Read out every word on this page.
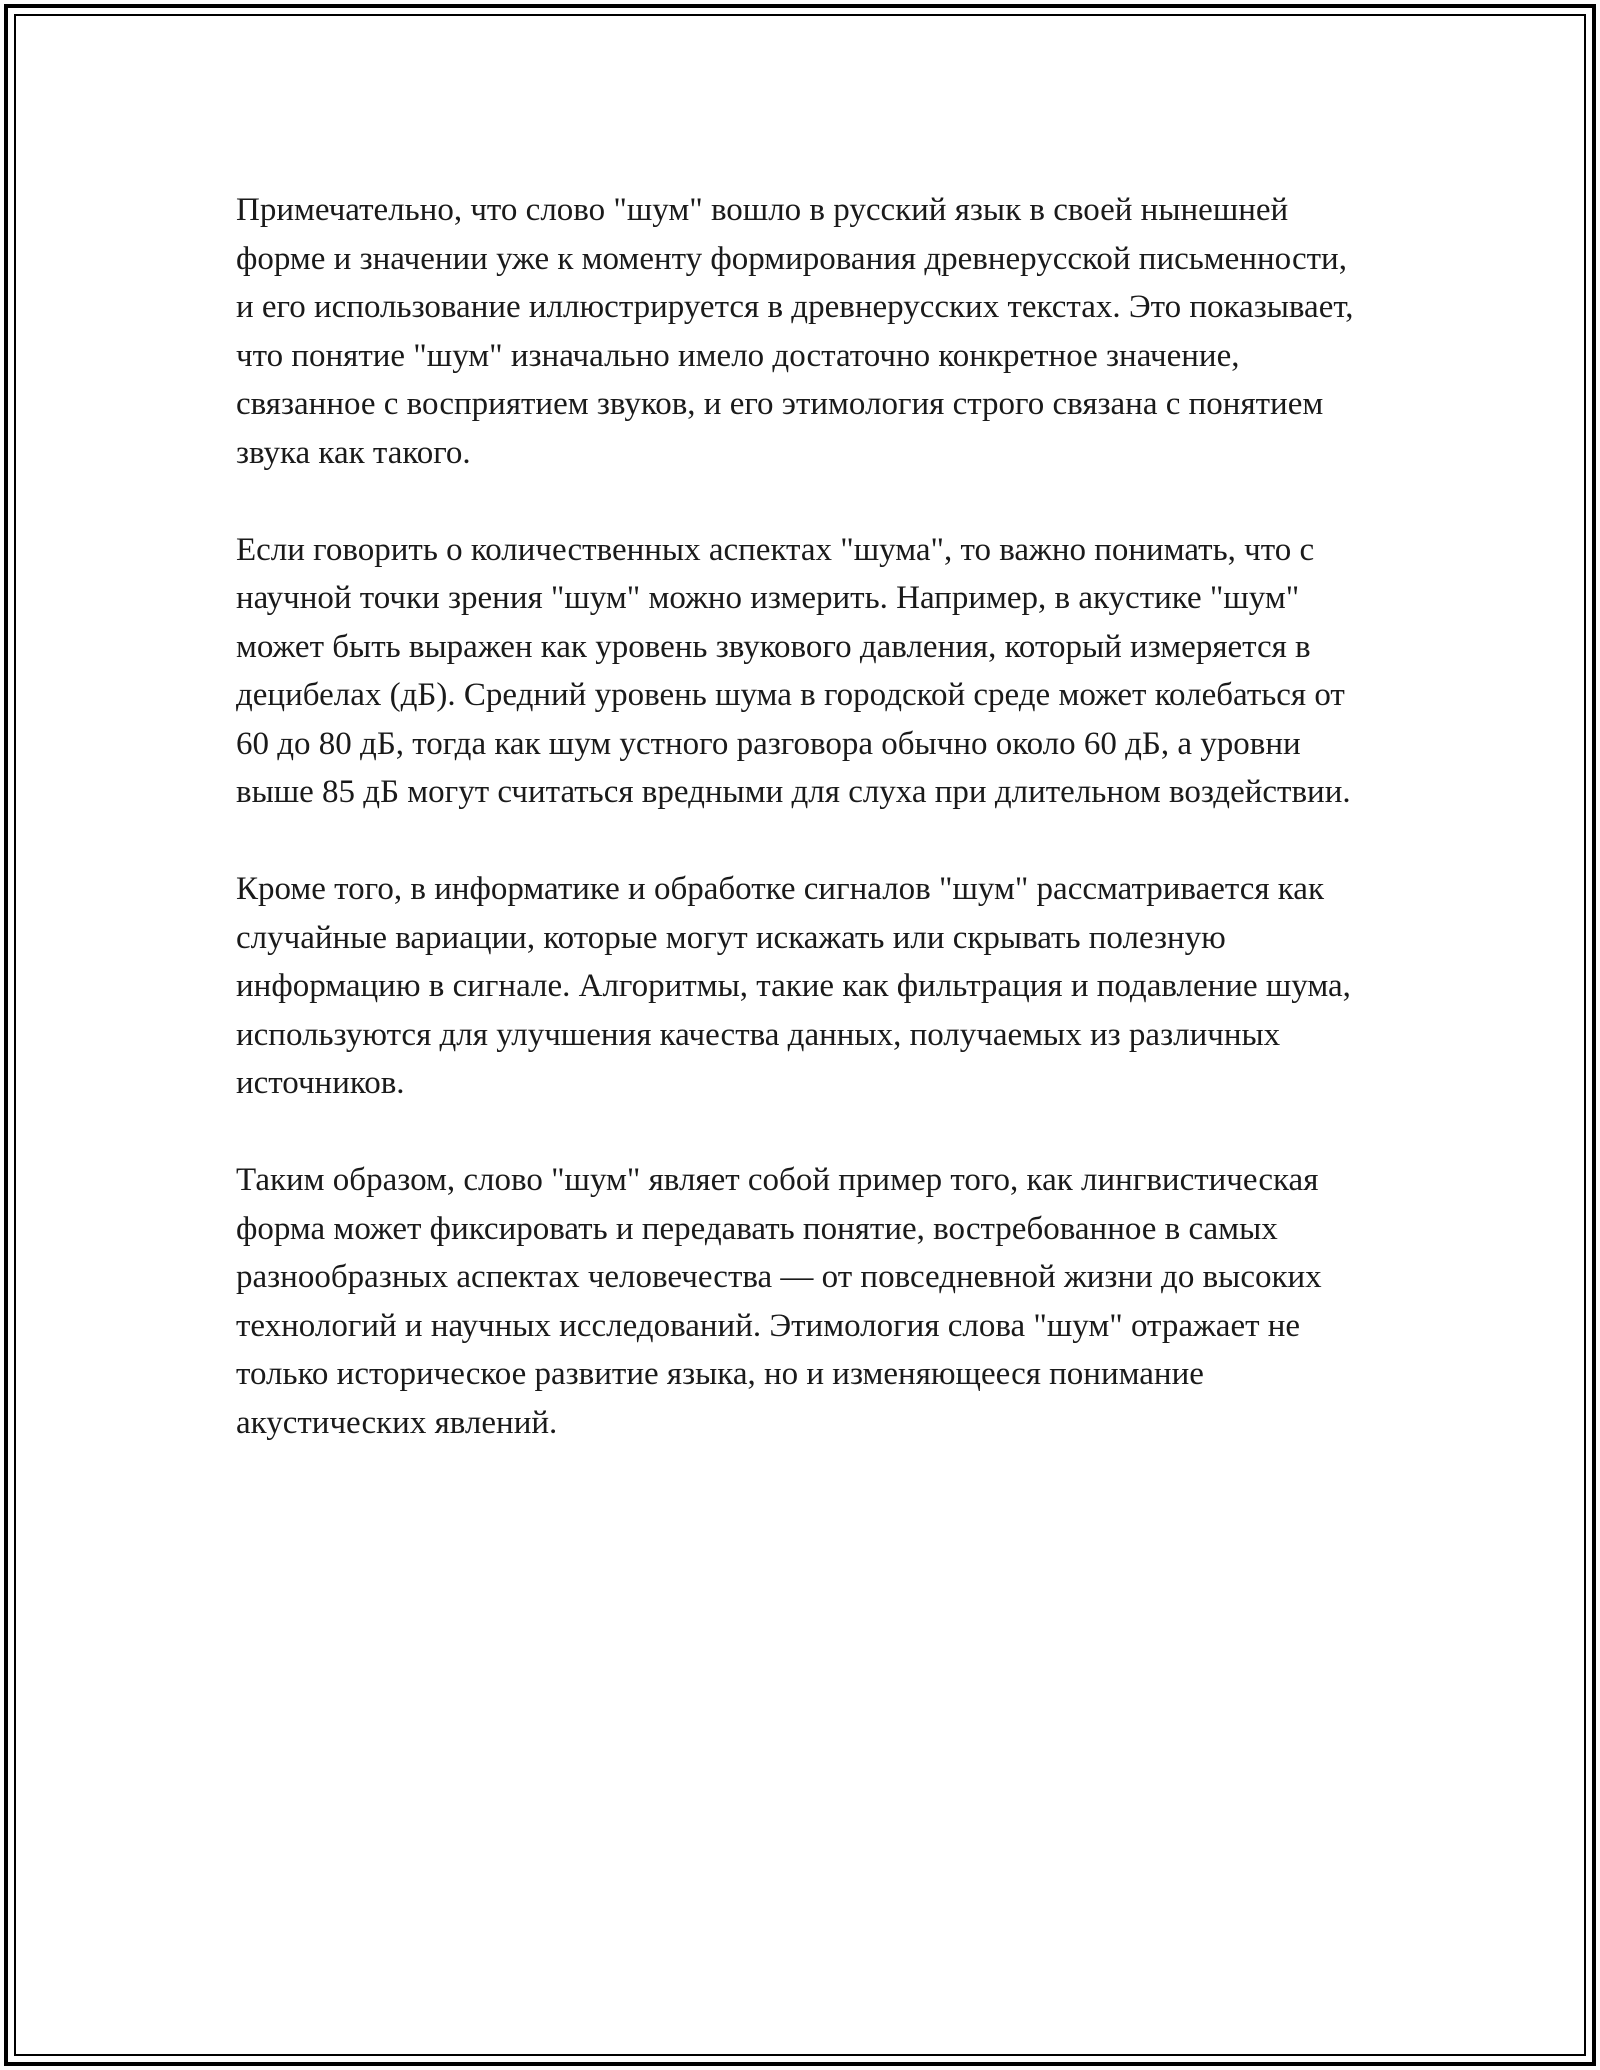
Примечательно, что слово "шум" вошло в русский язык в своей нынешней форме и значении уже к моменту формирования древнерусской письменности, и его использование иллюстрируется в древнерусских текстах. Это показывает, что понятие "шум" изначально имело достаточно конкретное значение, связанное с восприятием звуков, и его этимология строго связана с понятием звука как такого.

Если говорить о количественных аспектах "шума", то важно понимать, что с научной точки зрения "шум" можно измерить. Например, в акустике "шум" может быть выражен как уровень звукового давления, который измеряется в децибелах (дБ). Средний уровень шума в городской среде может колебаться от 60 до 80 дБ, тогда как шум устного разговора обычно около 60 дБ, а уровни выше 85 дБ могут считаться вредными для слуха при длительном воздействии.

Кроме того, в информатике и обработке сигналов "шум" рассматривается как случайные вариации, которые могут искажать или скрывать полезную информацию в сигнале. Алгоритмы, такие как фильтрация и подавление шума, используются для улучшения качества данных, получаемых из различных источников.

Таким образом, слово "шум" являет собой пример того, как лингвистическая форма может фиксировать и передавать понятие, востребованное в самых разнообразных аспектах человечества — от повседневной жизни до высоких технологий и научных исследований. Этимология слова "шум" отражает не только историческое развитие языка, но и изменяющееся понимание акустических явлений.
